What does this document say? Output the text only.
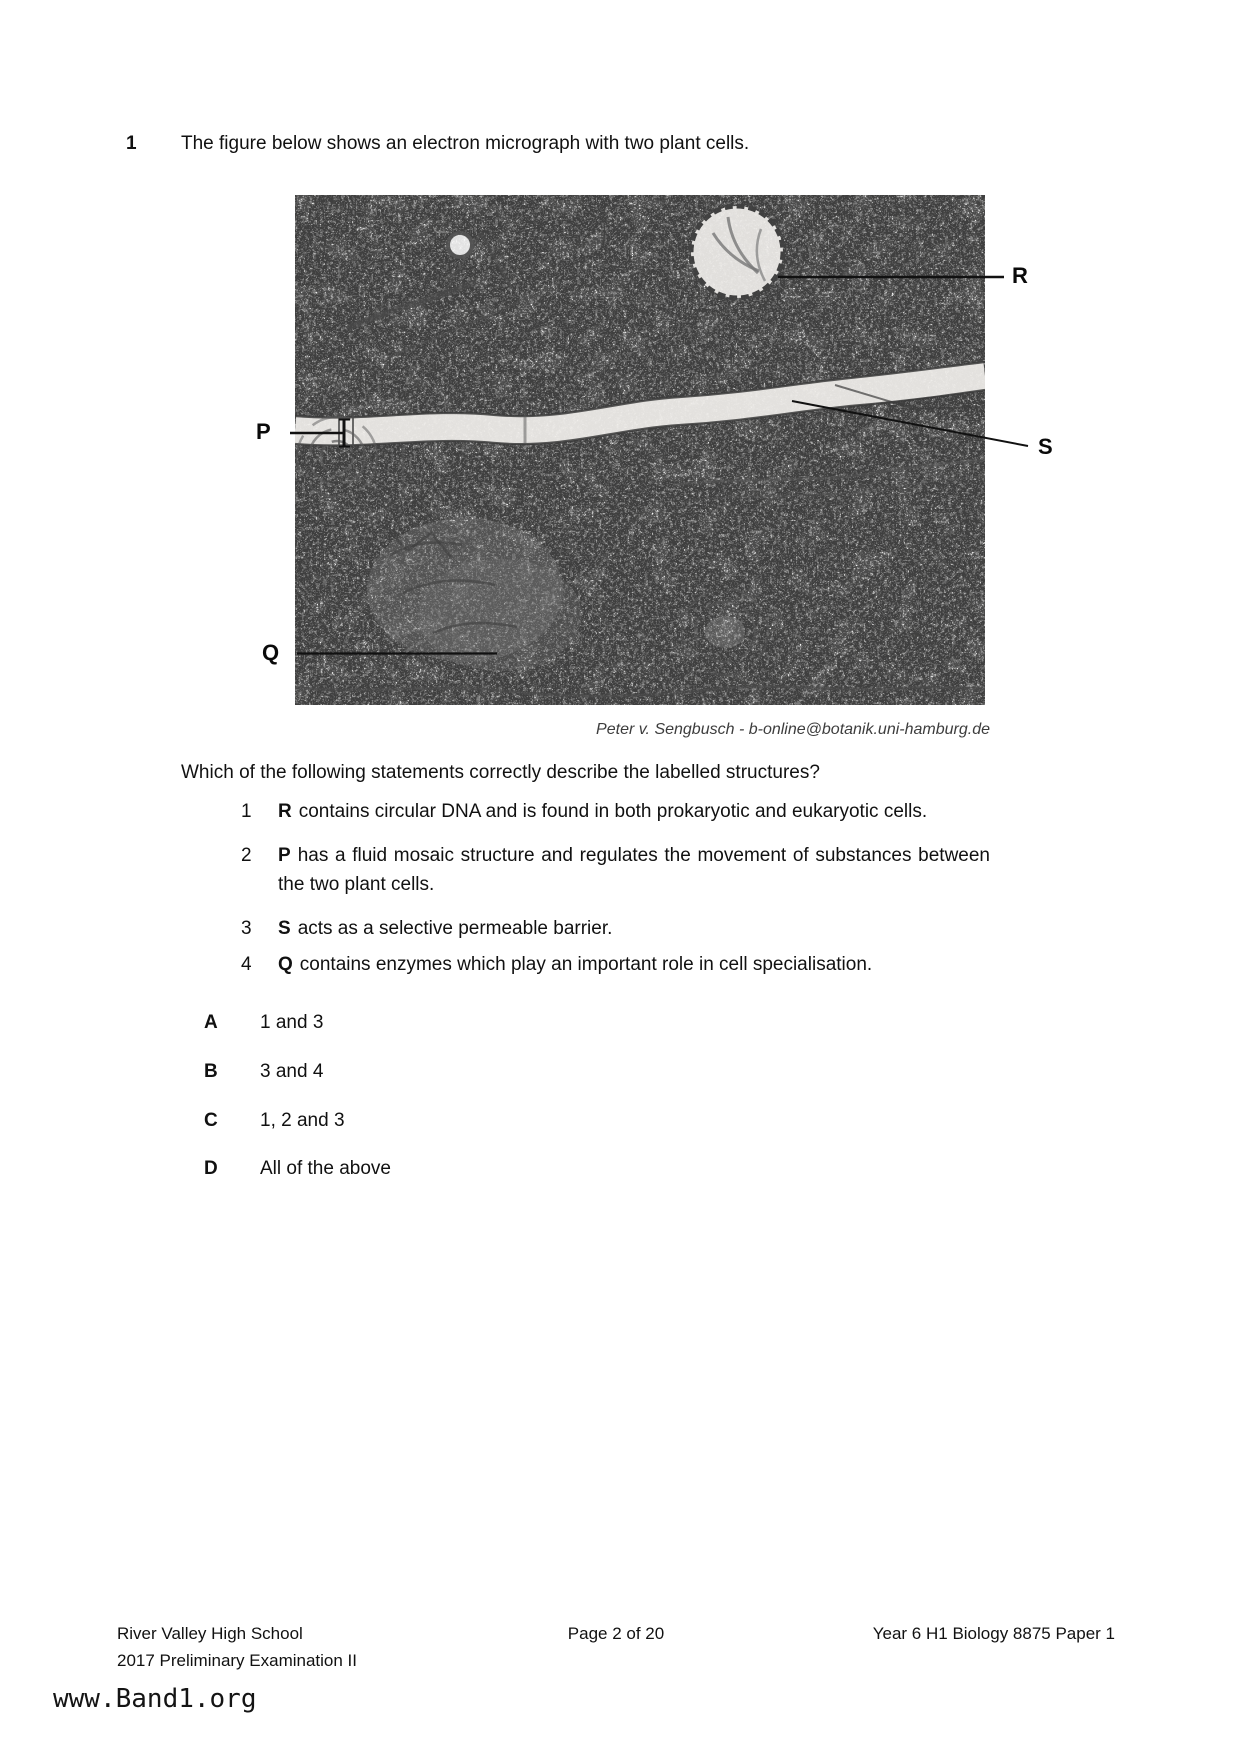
1 The figure below shows an electron micrograph with two plant cells.
R
P
S
Q
Peter v. Sengbusch - b-online@botanik.uni-hamburg.de
Which of the following statements correctly describe the labelled structures?
1 R contains circular DNA and is found in both prokaryotic and eukaryotic cells.
2 P has a fluid mosaic structure and regulates the movement of substances between the two plant cells.
3 S acts as a selective permeable barrier.
4 Q contains enzymes which play an important role in cell specialisation.
A 1 and 3
B 3 and 4
C 1, 2 and 3
D All of the above
River Valley High School	Page 2 of 20	Year 6 H1 Biology 8875 Paper 1
2017 Preliminary Examination II
www.Band1.org
